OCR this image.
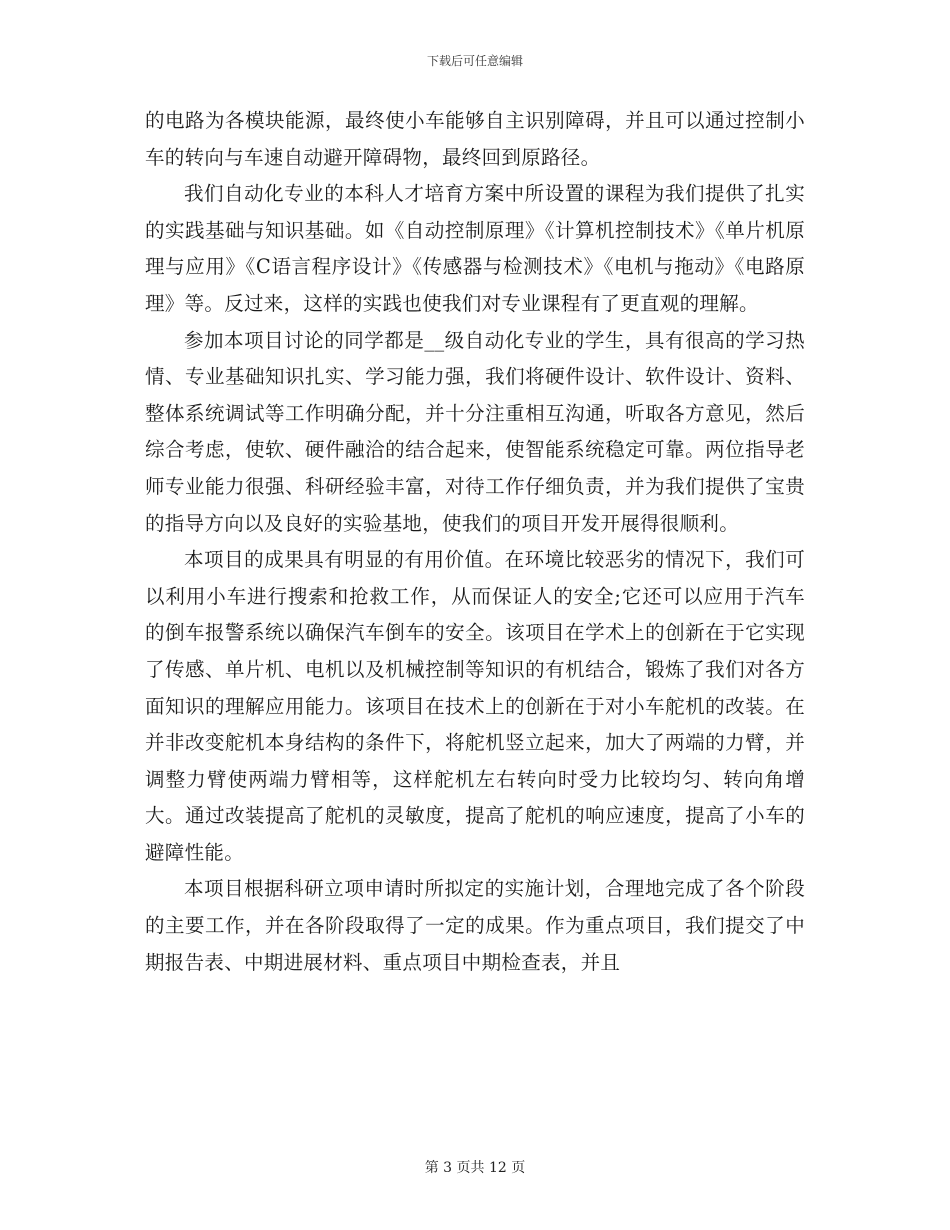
下载后可任意编辑

的电路为各模块能源，最终使小车能够自主识别障碍，并且可以通过控制小车的转向与车速自动避开障碍物，最终回到原路径。

我们自动化专业的本科人才培育方案中所设置的课程为我们提供了扎实的实践基础与知识基础。如《自动控制原理》《计算机控制技术》《单片机原理与应用》《C语言程序设计》《传感器与检测技术》《电机与拖动》《电路原理》等。反过来，这样的实践也使我们对专业课程有了更直观的理解。

参加本项目讨论的同学都是__级自动化专业的学生，具有很高的学习热情、专业基础知识扎实、学习能力强，我们将硬件设计、软件设计、资料、整体系统调试等工作明确分配，并十分注重相互沟通，听取各方意见，然后综合考虑，使软、硬件融洽的结合起来，使智能系统稳定可靠。两位指导老师专业能力很强、科研经验丰富，对待工作仔细负责，并为我们提供了宝贵的指导方向以及良好的实验基地，使我们的项目开发开展得很顺利。

本项目的成果具有明显的有用价值。在环境比较恶劣的情况下，我们可以利用小车进行搜索和抢救工作，从而保证人的安全;它还可以应用于汽车的倒车报警系统以确保汽车倒车的安全。该项目在学术上的创新在于它实现了传感、单片机、电机以及机械控制等知识的有机结合，锻炼了我们对各方面知识的理解应用能力。该项目在技术上的创新在于对小车舵机的改装。在并非改变舵机本身结构的条件下，将舵机竖立起来，加大了两端的力臂，并调整力臂使两端力臂相等，这样舵机左右转向时受力比较均匀、转向角增大。通过改装提高了舵机的灵敏度，提高了舵机的响应速度，提高了小车的避障性能。

本项目根据科研立项申请时所拟定的实施计划，合理地完成了各个阶段的主要工作，并在各阶段取得了一定的成果。作为重点项目，我们提交了中期报告表、中期进展材料、重点项目中期检查表，并且

第 3 页共 12 页
